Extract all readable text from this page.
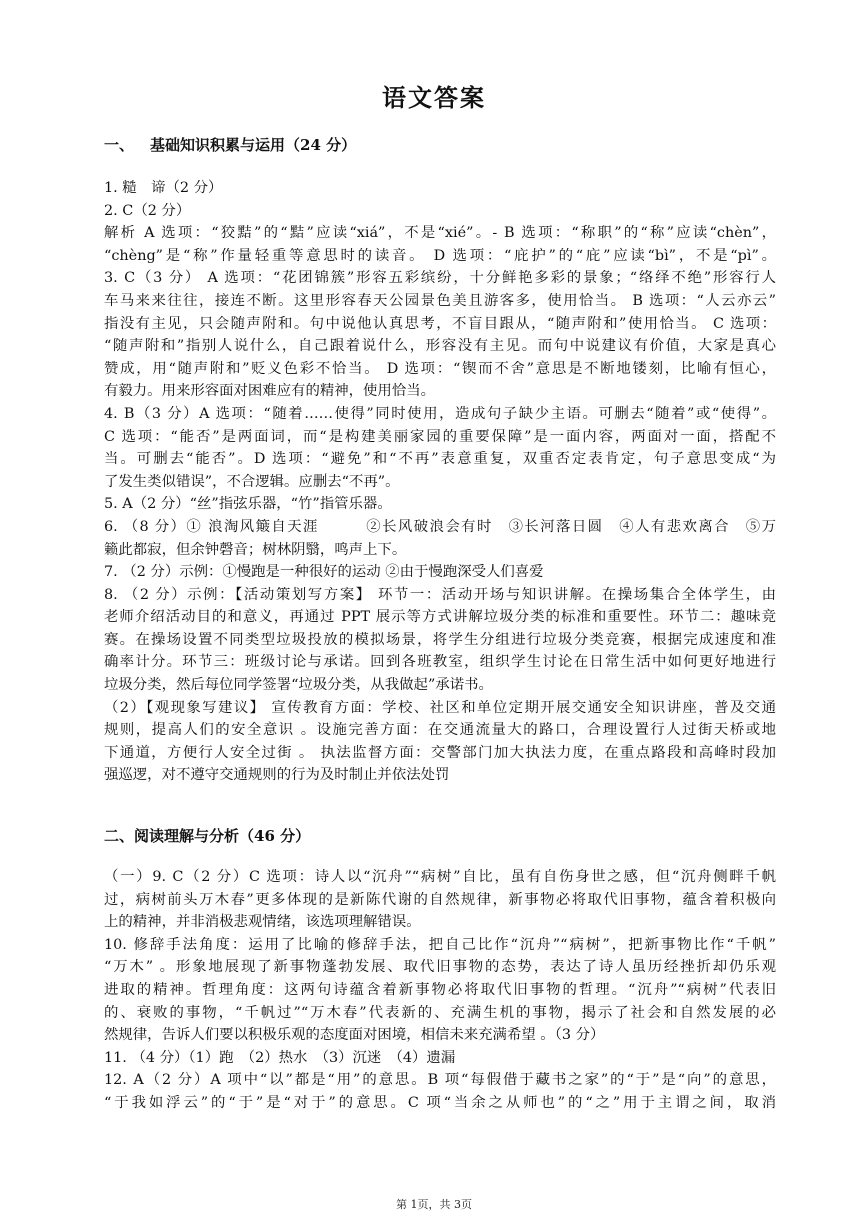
语文答案
一、 基础知识积累与运用（24 分）
1. 糙　谛（2 分）
2. C（2 分）
解析 A 选项：“狡黠”的“黠”应读“xiá”，不是“xié”。- B 选项：“称职”的“称”应读“chèn”，
“chèng”是“称”作量轻重等意思时的读音。 D 选项：“庇护”的“庇”应读“bì”，不是“pì”。
3. C（3 分） A 选项：“花团锦簇”形容五彩缤纷，十分鲜艳多彩的景象；“络绎不绝”形容行人
车马来来往往，接连不断。这里形容春天公园景色美且游客多，使用恰当。 B 选项：“人云亦云”
指没有主见，只会随声附和。句中说他认真思考，不盲目跟从，“随声附和”使用恰当。 C 选项：
“随声附和”指别人说什么，自己跟着说什么，形容没有主见。而句中说建议有价值，大家是真心
赞成，用“随声附和”贬义色彩不恰当。 D 选项：“锲而不舍”意思是不断地镂刻，比喻有恒心，
有毅力。用来形容面对困难应有的精神，使用恰当。
4. B（3 分）A 选项：“随着……使得”同时使用，造成句子缺少主语。可删去“随着”或“使得”。
C 选项：“能否”是两面词，而“是构建美丽家园的重要保障”是一面内容，两面对一面，搭配不
当。可删去“能否”。D 选项：“避免”和“不再”表意重复，双重否定表肯定，句子意思变成“为
了发生类似错误”，不合逻辑。应删去“不再”。
5. A（2 分）“丝”指弦乐器，“竹”指管乐器。
6. （8 分）① 浪淘风簸自天涯　　　②长风破浪会有时　③长河落日圆　④人有悲欢离合　⑤万
籁此都寂，但余钟磬音；树林阴翳，鸣声上下。
7. （2 分）示例：①慢跑是一种很好的运动 ②由于慢跑深受人们喜爱
8. （2 分）示例：【活动策划写方案】 环节一：活动开场与知识讲解。在操场集合全体学生，由
老师介绍活动目的和意义，再通过 PPT 展示等方式讲解垃圾分类的标准和重要性。环节二：趣味竞
赛。在操场设置不同类型垃圾投放的模拟场景，将学生分组进行垃圾分类竞赛，根据完成速度和准
确率计分。环节三：班级讨论与承诺。回到各班教室，组织学生讨论在日常生活中如何更好地进行
垃圾分类，然后每位同学签署“垃圾分类，从我做起”承诺书。
（2）【观现象写建议】 宣传教育方面：学校、社区和单位定期开展交通安全知识讲座，普及交通
规则，提高人们的安全意识 。设施完善方面：在交通流量大的路口，合理设置行人过街天桥或地
下通道，方便行人安全过街 。 执法监督方面：交警部门加大执法力度，在重点路段和高峰时段加
强巡逻，对不遵守交通规则的行为及时制止并依法处罚
二、阅读理解与分析（46 分）
（一）9. C（2 分）C 选项：诗人以“沉舟”“病树”自比，虽有自伤身世之感，但“沉舟侧畔千帆
过，病树前头万木春”更多体现的是新陈代谢的自然规律，新事物必将取代旧事物，蕴含着积极向
上的精神，并非消极悲观情绪，该选项理解错误。
10. 修辞手法角度：运用了比喻的修辞手法，把自己比作“沉舟”“病树”，把新事物比作“千帆”
“万木” 。形象地展现了新事物蓬勃发展、取代旧事物的态势，表达了诗人虽历经挫折却仍乐观
进取的精神。哲理角度：这两句诗蕴含着新事物必将取代旧事物的哲理。“沉舟”“病树”代表旧
的、衰败的事物，“千帆过”“万木春”代表新的、充满生机的事物，揭示了社会和自然发展的必
然规律，告诉人们要以积极乐观的态度面对困境，相信未来充满希望 。（3 分）
11. （4 分）（1）跑　（2）热水　（3）沉迷　（4）遗漏
12. A（2 分）A 项中“以”都是“用”的意思。B 项“每假借于藏书之家”的“于”是“向”的意思，
“于我如浮云”的“于”是“对于”的意思。C 项“当余之从师也”的“之”用于主谓之间，取消
第 1页，共 3页
